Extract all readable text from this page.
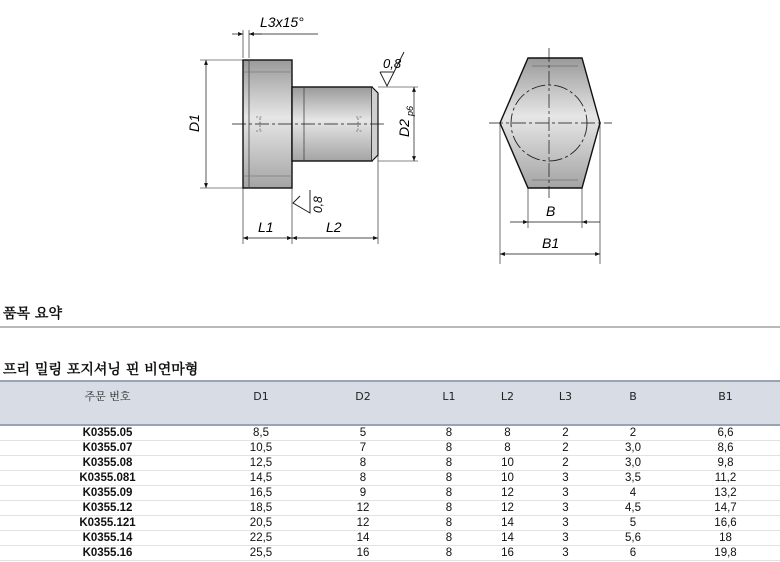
L3x15°
D1	D2
p6
0,8
0,8
L1	L2
B
B1
품목 요약
프리 밀링 포지셔닝 핀 비연마형
주문 번호	D1	D2	L1	L2	L3	B	B1
K0355.05	8,5	5	8	8	2	2	6,6
K0355.07	10,5	7	8	8	2	3,0	8,6
K0355.08	12,5	8	8	10	2	3,0	9,8
K0355.081	14,5	8	8	10	3	3,5	11,2
K0355.09	16,5	9	8	12	3	4	13,2
K0355.12	18,5	12	8	12	3	4,5	14,7
K0355.121	20,5	12	8	14	3	5	16,6
K0355.14	22,5	14	8	14	3	5,6	18
K0355.16	25,5	16	8	16	3	6	19,8
